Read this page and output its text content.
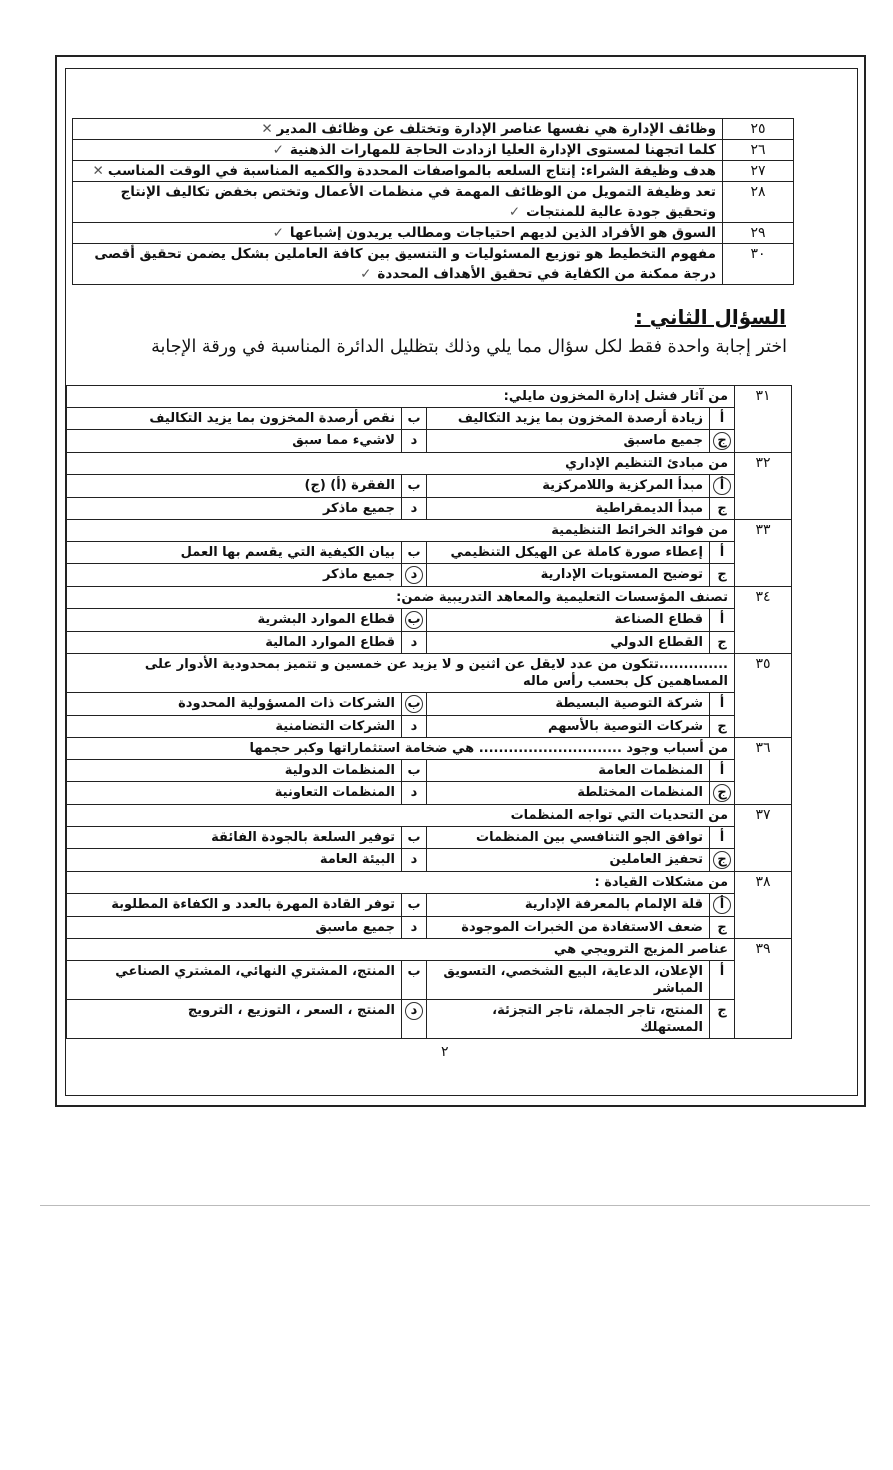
٢٥	وظائف الإدارة هي نفسها عناصر الإدارة وتختلف عن وظائف المدير✕
٢٦	كلما اتجهنا لمستوى الإدارة العليا ازدادت الحاجة للمهارات الذهنية✓
٢٧	هدف وظيفة الشراء: إنتاج السلعه بالمواصفات المحددة والكميه المناسبة في الوقت المناسب✕
٢٨	تعد وظيفة التمويل من الوظائف المهمة في منظمات الأعمال وتختص بخفض تكاليف الإنتاج وتحقيق جودة عالية للمنتجات✓
٢٩	السوق هو الأفراد الذين لديهم احتياجات ومطالب يريدون إشباعها✓
٣٠	مفهوم التخطيط هو توزيع المسئوليات و التنسيق بين كافة العاملين بشكل يضمن تحقيق أقصى درجة ممكنة من الكفاية في تحقيق الأهداف المحددة✓
السؤال الثاني :
اختر إجابة واحدة فقط لكل سؤال مما يلي وذلك بتظليل الدائرة المناسبة في ورقة الإجابة
٣١	من آثار فشل إدارة المخزون مايلي:			
	أ	زيادة أرصدة المخزون بما يزيد التكاليف	ب	نقص أرصدة المخزون بما يزيد التكاليف
	ج	جميع ماسبق	د	لاشيء مما سبق
٣٢	من مبادئ التنظيم الإداري			
	أ	مبدأ المركزية واللامركزية	ب	الفقرة (أ) (ج)
	ج	مبدأ الديمقراطية	د	جميع ماذكر
٣٣	من فوائد الخرائط التنظيمية			
	أ	إعطاء صورة كاملة عن الهيكل التنظيمي	ب	بيان الكيفية التي يقسم بها العمل
	ج	توضيح المستويات الإدارية	د	جميع ماذكر
٣٤	تصنف المؤسسات التعليمية والمعاهد التدريبية ضمن:			
	أ	قطاع الصناعة	ب	قطاع الموارد البشرية
	ج	القطاع الدولي	د	قطاع الموارد المالية
٣٥	..............تتكون من عدد لايقل عن اثنين و لا يزيد عن خمسين و تتميز بمحدودية الأدوار على المساهمين كل بحسب رأس ماله			
	أ	شركة التوصية البسيطة	ب	الشركات ذات المسؤولية المحدودة
	ج	شركات التوصية بالأسهم	د	الشركات التضامنية
٣٦	من أسباب وجود ............................. هي ضخامة استثماراتها وكبر حجمها			
	أ	المنظمات العامة	ب	المنظمات الدولية
	ج	المنظمات المختلطة	د	المنظمات التعاونية
٣٧	من التحديات التي تواجه المنظمات			
	أ	توافق الجو التنافسي بين المنظمات	ب	توفير السلعة بالجودة الفائقة
	ج	تحفيز العاملين	د	البيئة العامة
٣٨	من مشكلات القيادة :			
	أ	قلة الإلمام بالمعرفة الإدارية	ب	توفر القادة المهرة بالعدد و الكفاءة المطلوبة
	ج	ضعف الاستفادة من الخبرات الموجودة	د	جميع ماسبق
٣٩	عناصر المزيج الترويجي هي			
	أ	الإعلان، الدعاية، البيع الشخصي، التسويق المباشر	ب	المنتج، المشتري النهائي، المشتري الصناعي
	ج	المنتج، تاجر الجملة، تاجر التجزئة، المستهلك	د	المنتج ، السعر ، التوزيع ، الترويج
٢
